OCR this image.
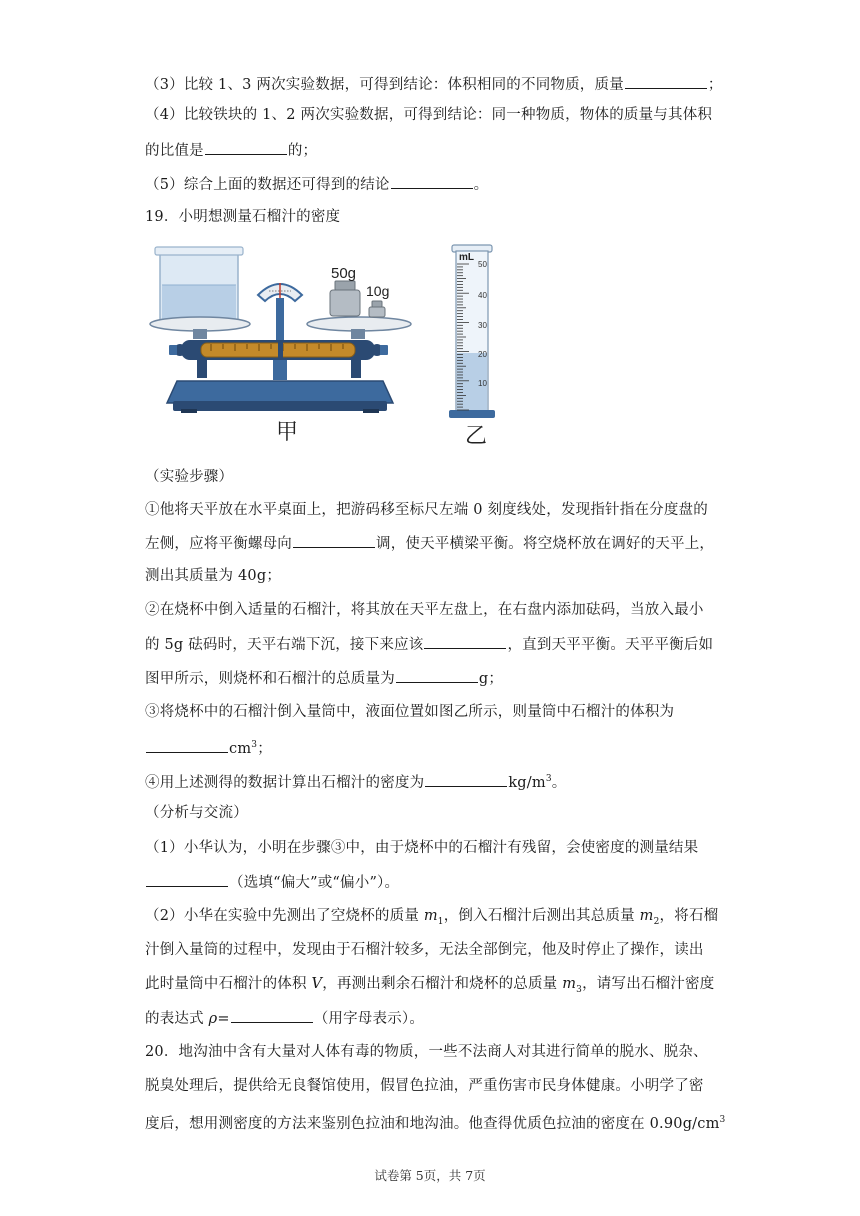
（3）比较 1、3 两次实验数据，可得到结论：体积相同的不同物质，质量	；
（4）比较铁块的 1、2 两次实验数据，可得到结论：同一种物质，物体的质量与其体积
的比值是	的；
（5）综合上面的数据还可得到的结论	。
19．小明想测量石榴汁的密度
50g
10g
甲
mL
50
40
30
20
10
乙
（实验步骤）
①他将天平放在水平桌面上，把游码移至标尺左端 0 刻度线处，发现指针指在分度盘的
左侧，应将平衡螺母向	调，使天平横梁平衡。将空烧杯放在调好的天平上，
测出其质量为 40g；
②在烧杯中倒入适量的石榴汁，将其放在天平左盘上，在右盘内添加砝码，当放入最小
的 5g 砝码时，天平右端下沉，接下来应该	，直到天平平衡。天平平衡后如
图甲所示，则烧杯和石榴汁的总质量为	g；
③将烧杯中的石榴汁倒入量筒中，液面位置如图乙所示，则量筒中石榴汁的体积为
$cm^3$；
④用上述测得的数据计算出石榴汁的密度为	$kg/m^3$。
（分析与交流）
（1）小华认为，小明在步骤③中，由于烧杯中的石榴汁有残留，会使密度的测量结果
（选填“偏大”或“偏小”）。
（2）小华在实验中先测出了空烧杯的质量 $m_1$，倒入石榴汁后测出其总质量 $m_2$，将石榴
汁倒入量筒的过程中，发现由于石榴汁较多，无法全部倒完，他及时停止了操作，读出
此时量筒中石榴汁的体积 V，再测出剩余石榴汁和烧杯的总质量 $m_3$，请写出石榴汁密度
的表达式 ρ=	（用字母表示）。
20．地沟油中含有大量对人体有毒的物质，一些不法商人对其进行简单的脱水、脱杂、
脱臭处理后，提供给无良餐馆使用，假冒色拉油，严重伤害市民身体健康。小明学了密
度后，想用测密度的方法来鉴别色拉油和地沟油。他查得优质色拉油的密度在 $0.90g/cm^3$
试卷第 5页，共 7页
